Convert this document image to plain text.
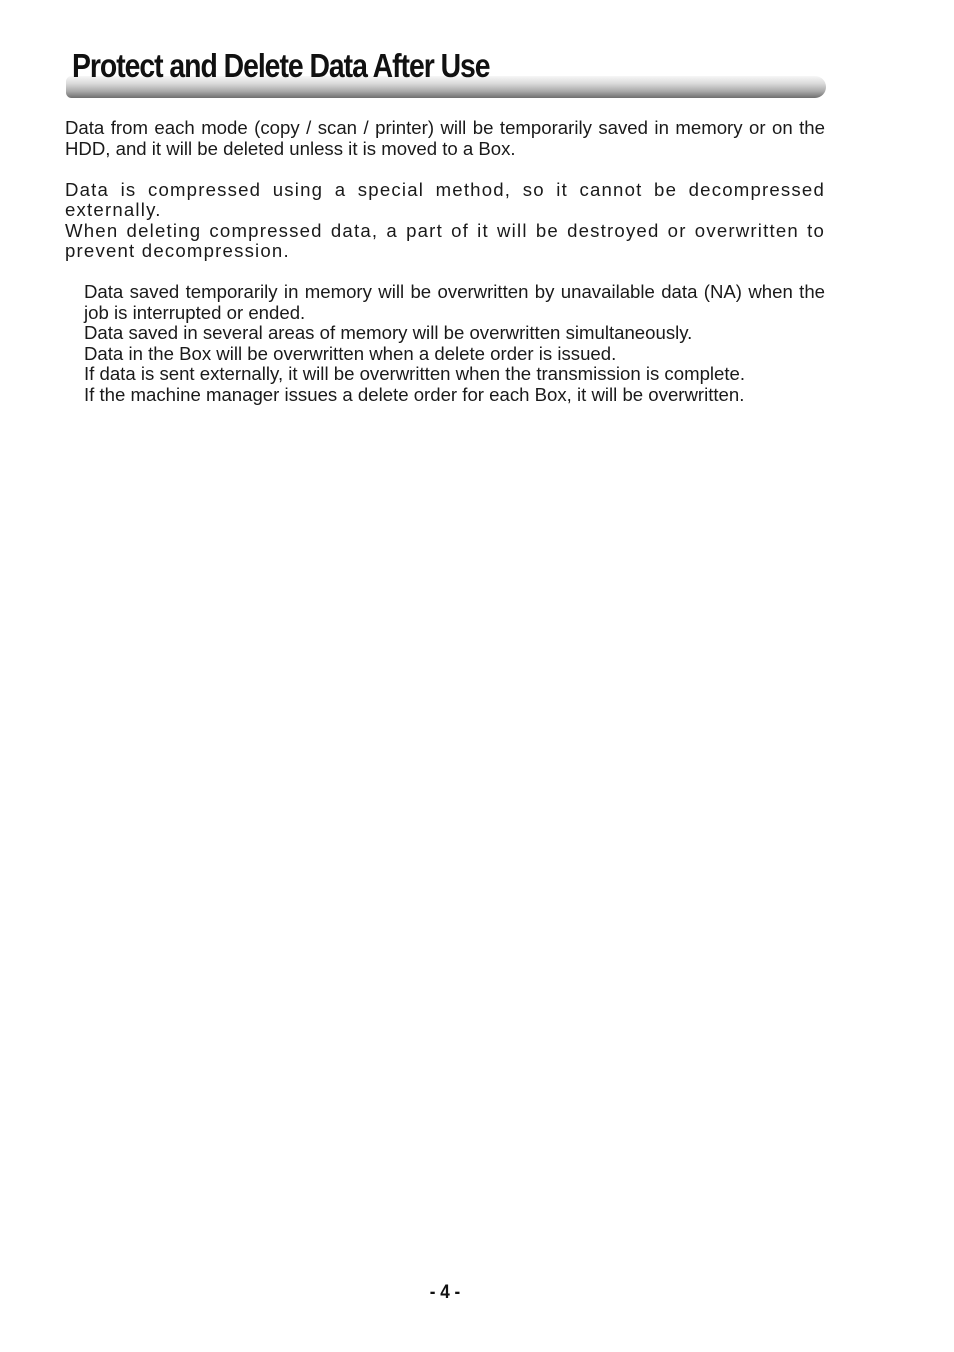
Protect and Delete Data After Use

Data from each mode (copy / scan / printer) will be temporarily saved in memory or on the HDD, and it will be deleted unless it is moved to a Box.

Data is compressed using a special method, so it cannot be decompressed externally.

When deleting compressed data, a part of it will be destroyed or overwritten to prevent decompression.

Data saved temporarily in memory will be overwritten by unavailable data (NA) when the job is interrupted or ended.
Data saved in several areas of memory will be overwritten simultaneously.
Data in the Box will be overwritten when a delete order is issued.
If data is sent externally, it will be overwritten when the transmission is complete.
If the machine manager issues a delete order for each Box, it will be overwritten.
- 4 -
